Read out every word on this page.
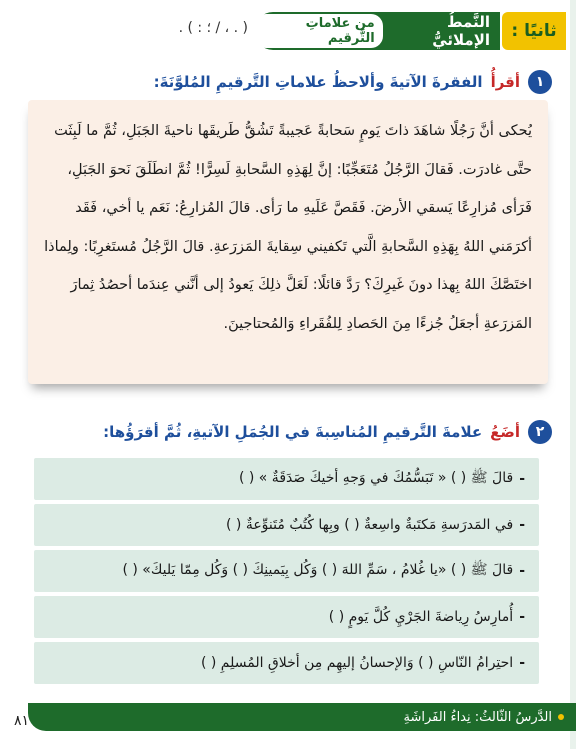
ثانيًا :
النَّمطُ الإملائيُّ
من علاماتِ التَّرقيم
( . ، / ؛ : ) .
١
أقرأُ
الفقرةَ الآتيةَ وألاحظُ علاماتِ التَّرقيمِ المُلوَّنَةَ:
يُحكى أنَّ رَجُلًا شاهَدَ ذاتَ يَومٍ سَحابةً عَجيبةً تَشُقُّ طَريقَها ناحيةَ الجَبَلِ، ثُمَّ ما لَبِثَت
حتَّى غادرَت. فَقالَ الرَّجُلُ مُتَعَجِّبًا: إنَّ لِهَذِهِ السَّحابةِ لَسِرًّا! ثُمَّ انطَلَقَ نَحوَ الجَبَلِ،
فَرَأى مُزارِعًا يَسقي الأرضَ. فَقَصَّ عَلَيهِ ما رَأى. قالَ المُزارِعُ: نَعَم يا أخي، فَقَد
أكرَمَني اللهُ بِهَذِهِ السَّحابةِ الَّتي تَكفيني سِقايةَ المَزرَعةِ. قالَ الرَّجُلُ مُستَغرِبًا: ولِماذا
اختَصَّكَ اللهُ بِهذا دونَ غَيرِكَ؟ رَدَّ قائلًا: لَعَلَّ ذلِكَ يَعودُ إلى أنَّني عِندَما أحصُدُ ثِمارَ
المَزرَعةِ أجعَلُ جُزءًا مِنَ الحَصادِ لِلفُقَراءِ وَالمُحتاجينَ.
٢
أضَعُ
علامةَ التَّرقيمِ المُناسِبةَ في الجُمَلِ الآتيةِ، ثُمَّ أقرَؤُها:
-
قالَ ﷺ ( ) « تَبَسُّمُكَ في وَجهِ أخيكَ صَدَقَةٌ » ( )
-
في المَدرَسةِ مَكتَبةٌ واسِعةٌ ( ) وبِها كُتُبٌ مُتَنوِّعةٌ ( )
-
قالَ ﷺ ( ) «يا غُلامُ ، سَمِّ اللهَ ( ) وَكُل بِيَمينِكَ ( ) وَكُل مِمّا يَليكَ» ( )
-
أُمارِسُ رِياضةَ الجَرْيِ كُلَّ يَومٍ ( )
-
احتِرامُ النّاسِ ( ) وَالإحسانُ إليهِم مِن أخلاقِ المُسلِمِ ( )
الدَّرسُ الثّالثُ: نِداءُ الفَراشَةِ
٨١
